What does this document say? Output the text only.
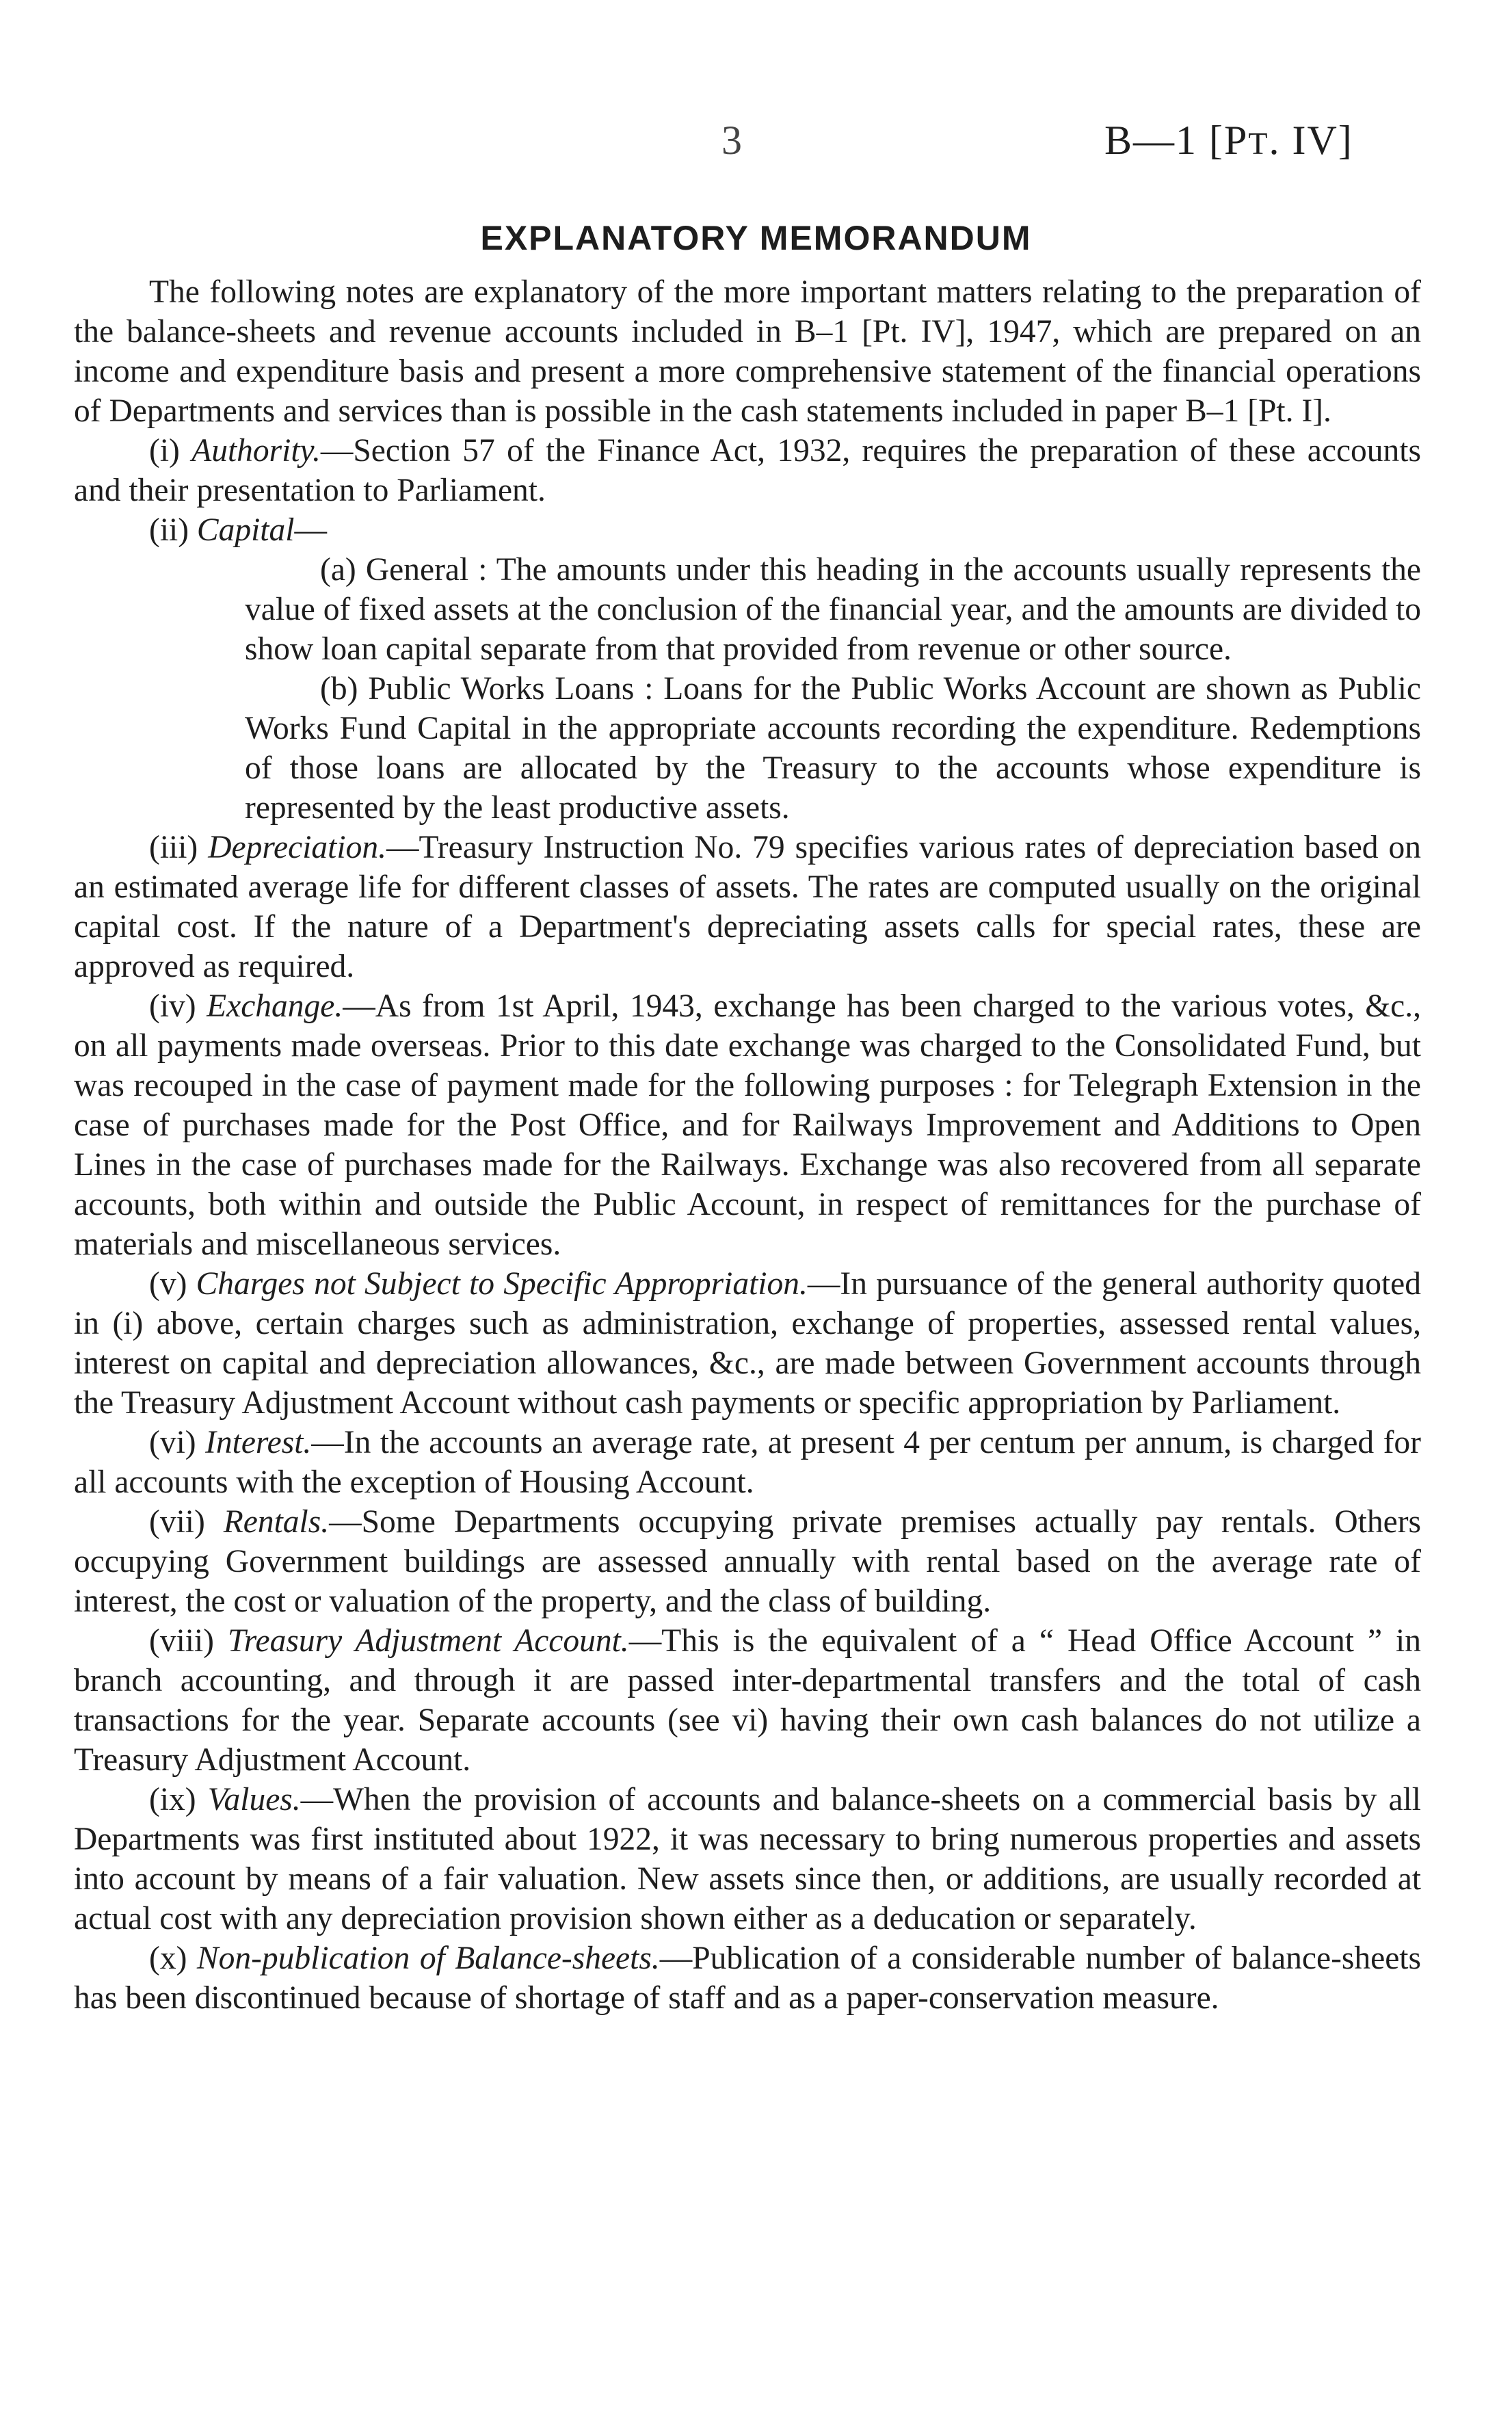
3	B—1 [PT. IV]
EXPLANATORY MEMORANDUM

The following notes are explanatory of the more important matters relating to the preparation of the balance-sheets and revenue accounts included in B–1 [Pt. IV], 1947, which are prepared on an income and expenditure basis and present a more comprehensive statement of the financial operations of Departments and services than is possible in the cash statements included in paper B–1 [Pt. I].

(i) Authority.—Section 57 of the Finance Act, 1932, requires the preparation of these accounts and their presentation to Parliament.

(ii) Capital—

(a) General : The amounts under this heading in the accounts usually represents the value of fixed assets at the conclusion of the financial year, and the amounts are divided to show loan capital separate from that provided from revenue or other source.

(b) Public Works Loans : Loans for the Public Works Account are shown as Public Works Fund Capital in the appropriate accounts recording the expenditure. Redemptions of those loans are allocated by the Treasury to the accounts whose expenditure is represented by the least productive assets.

(iii) Depreciation.—Treasury Instruction No. 79 specifies various rates of depreciation based on an estimated average life for different classes of assets. The rates are computed usually on the original capital cost. If the nature of a Department's depreciating assets calls for special rates, these are approved as required.

(iv) Exchange.—As from 1st April, 1943, exchange has been charged to the various votes, &c., on all payments made overseas. Prior to this date exchange was charged to the Consolidated Fund, but was recouped in the case of payment made for the following purposes : for Telegraph Extension in the case of purchases made for the Post Office, and for Railways Improvement and Additions to Open Lines in the case of purchases made for the Railways. Exchange was also recovered from all separate accounts, both within and outside the Public Account, in respect of remittances for the purchase of materials and miscellaneous services.

(v) Charges not Subject to Specific Appropriation.—In pursuance of the general authority quoted in (i) above, certain charges such as administration, exchange of properties, assessed rental values, interest on capital and depreciation allowances, &c., are made between Government accounts through the Treasury Adjustment Account without cash payments or specific appropriation by Parliament.

(vi) Interest.—In the accounts an average rate, at present 4 per centum per annum, is charged for all accounts with the exception of Housing Account.

(vii) Rentals.—Some Departments occupying private premises actually pay rentals. Others occupying Government buildings are assessed annually with rental based on the average rate of interest, the cost or valuation of the property, and the class of building.

(viii) Treasury Adjustment Account.—This is the equivalent of a “ Head Office Account ” in branch accounting, and through it are passed inter-departmental transfers and the total of cash transactions for the year. Separate accounts (see vi) having their own cash balances do not utilize a Treasury Adjustment Account.

(ix) Values.—When the provision of accounts and balance-sheets on a commercial basis by all Departments was first instituted about 1922, it was necessary to bring numerous properties and assets into account by means of a fair valuation. New assets since then, or additions, are usually recorded at actual cost with any depreciation provision shown either as a deducation or separately.

(x) Non-publication of Balance-sheets.—Publication of a considerable number of balance-sheets has been discontinued because of shortage of staff and as a paper-conservation measure.
